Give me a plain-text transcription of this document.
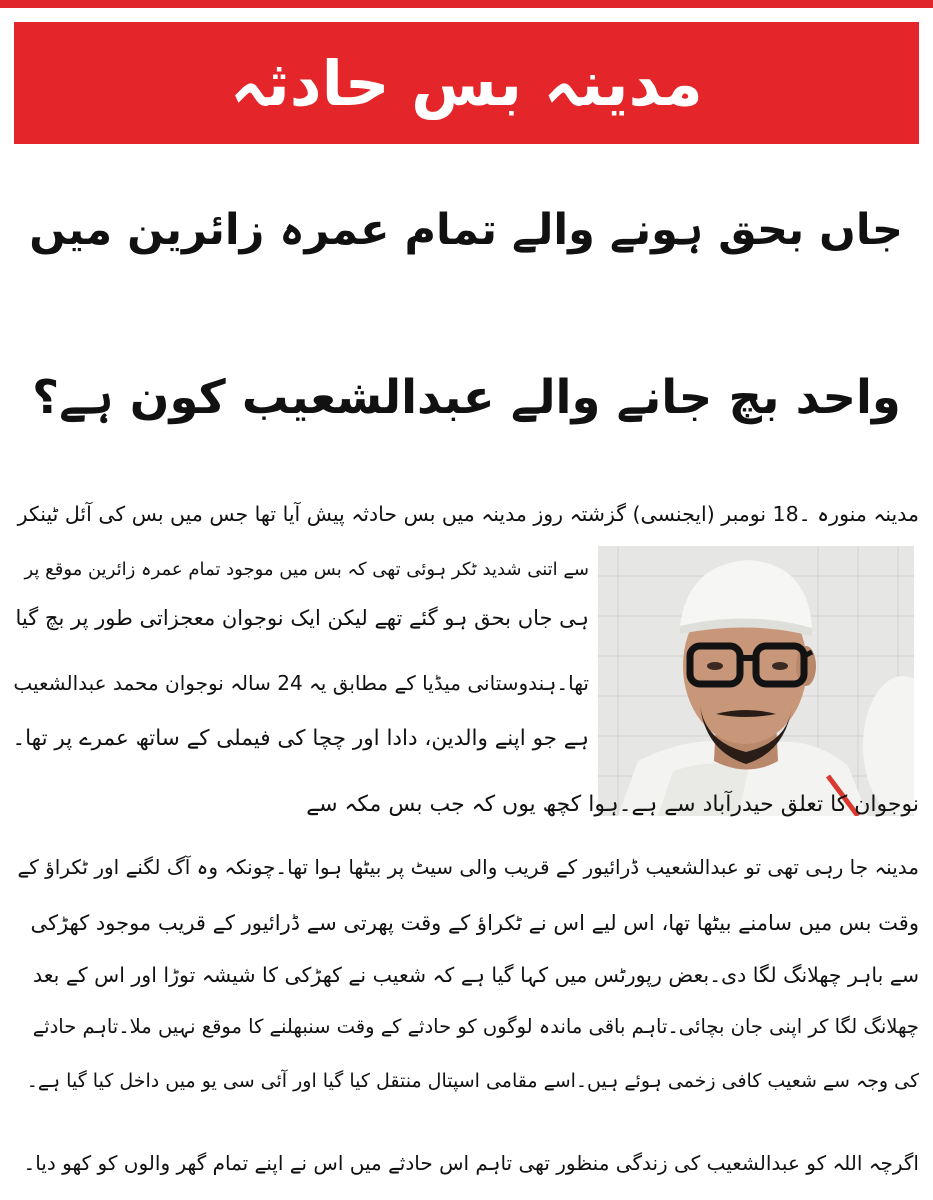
مدینہ بس حادثہ
جاں بحق ہونے والے تمام عمرہ زائرین میں
واحد بچ جانے والے عبدالشعیب کون ہے؟
مدینہ منورہ ۔18 نومبر (ایجنسی) گزشتہ روز مدینہ میں بس حادثہ پیش آیا تھا جس میں بس کی آئل ٹینکر
سے اتنی شدید ٹکر ہوئی تھی کہ بس میں موجود تمام عمرہ زائرین موقع پر
ہی جاں بحق ہو گئے تھے لیکن ایک نوجوان معجزاتی طور پر بچ گیا
تھا۔ہندوستانی میڈیا کے مطابق یہ 24 سالہ نوجوان محمد عبدالشعیب
ہے جو اپنے والدین، دادا اور چچا کی فیملی کے ساتھ عمرے پر تھا۔
نوجوان کا تعلق حیدرآباد سے ہے۔ہوا کچھ یوں کہ جب بس مکہ سے
مدینہ جا رہی تھی تو عبدالشعیب ڈرائیور کے قریب والی سیٹ پر بیٹھا ہوا تھا۔چونکہ وہ آگ لگنے اور ٹکراؤ کے
وقت بس میں سامنے بیٹھا تھا، اس لیے اس نے ٹکراؤ کے وقت پھرتی سے ڈرائیور کے قریب موجود کھڑکی
سے باہر چھلانگ لگا دی۔بعض رپورٹس میں کہا گیا ہے کہ شعیب نے کھڑکی کا شیشہ توڑا اور اس کے بعد
چھلانگ لگا کر اپنی جان بچائی۔تاہم باقی ماندہ لوگوں کو حادثے کے وقت سنبھلنے کا موقع نہیں ملا۔تاہم حادثے
کی وجہ سے شعیب کافی زخمی ہوئے ہیں۔اسے مقامی اسپتال منتقل کیا گیا اور آئی سی یو میں داخل کیا گیا ہے۔
اگرچہ اللہ کو عبدالشعیب کی زندگی منظور تھی تاہم اس حادثے میں اس نے اپنے تمام گھر والوں کو کھو دیا۔
